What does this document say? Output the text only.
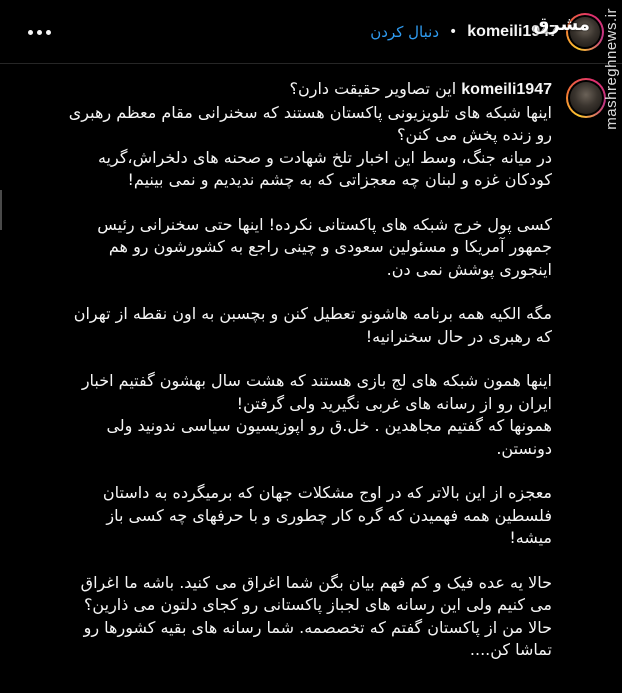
دنبال کردن • komeili1947
komeili1947 این تصاویر حقیقت دارن؟
اینها شبکه های تلویزیونی پاکستان هستند که سخنرانی مقام معظم رهبری رو زنده پخش می کنن؟
در میانه جنگ، وسط این اخبار تلخ شهادت و صحنه های دلخراش،گریه کودکان غزه و لبنان چه معجزاتی که به چشم ندیدیم و نمی بینیم!
کسی پول خرج شبکه های پاکستانی نکرده! اینها حتی سخنرانی رئیس جمهور آمریکا و مسئولین سعودی و چینی راجع به کشورشون رو هم اینجوری پوشش نمی دن.
مگه الکیه همه برنامه هاشونو تعطیل کنن و بچسبن به اون نقطه از تهران که رهبری در حال سخنرانیه!
اینها همون شبکه های لج بازی هستند که هشت سال بهشون گفتیم اخبار ایران رو از رسانه های غربی نگیرید ولی گرفتن!
همونها که گفتیم مجاهدین . خل.ق رو اپوزیسیون سیاسی ندونید ولی دونستن.
معجزه از این بالاتر که در اوج مشکلات جهان که برمیگرده به داستان فلسطین همه فهمیدن که گره کار چطوری و با حرفهای چه کسی باز میشه!
حالا یه عده فیک و کم فهم بیان بگن شما اغراق می کنید. باشه ما اغراق می کنیم ولی این رسانه های لجباز پاکستانی رو کجای دلتون می ذارین؟
حالا من از پاکستان گفتم که تخصصمه. شما رسانه های بقیه کشورها رو تماشا کن....
mashreghnews.ir
مشرق
